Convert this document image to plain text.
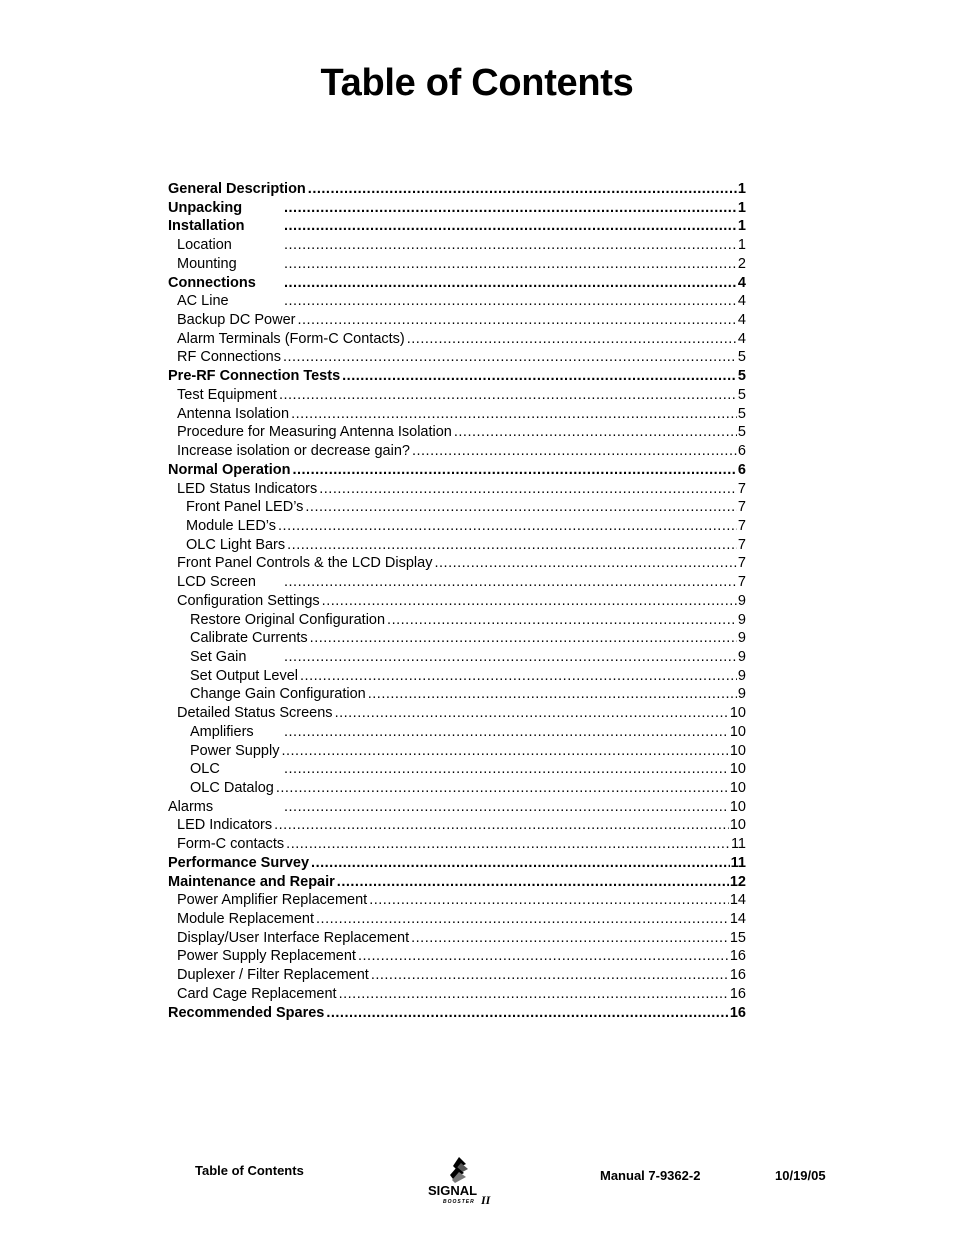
Table of Contents
General Description .....	1
Unpacking .....	1
Installation .....	1
Location .....	1
Mounting .....	2
Connections .....	4
AC Line .....	4
Backup DC Power .....	4
Alarm Terminals (Form-C Contacts) .....	4
RF Connections .....	5
Pre-RF Connection Tests .....	5
Test Equipment .....	5
Antenna Isolation .....	5
Procedure for Measuring Antenna Isolation .....	5
Increase isolation or decrease gain? .....	6
Normal Operation .....	6
LED Status Indicators .....	7
Front Panel LED’s .....	7
Module LED’s .....	7
OLC Light Bars .....	7
Front Panel Controls & the LCD Display .....	7
LCD Screen .....	7
Configuration Settings .....	9
Restore Original Configuration .....	9
Calibrate Currents .....	9
Set Gain .....	9
Set Output Level .....	9
Change Gain Configuration .....	9
Detailed Status Screens .....	10
Amplifiers .....	10
Power Supply .....	10
OLC .....	10
OLC Datalog .....	10
Alarms .....	10
LED Indicators .....	10
Form-C contacts .....	11
Performance Survey .....	11
Maintenance and Repair .....	12
Power Amplifier Replacement .....	14
Module Replacement .....	14
Display/User Interface Replacement .....	15
Power Supply Replacement .....	16
Duplexer / Filter Replacement .....	16
Card Cage Replacement .....	16
Recommended Spares .....	16
Table of Contents
SIGNAL
BOOSTER II
Manual 7-9362-2	10/19/05
